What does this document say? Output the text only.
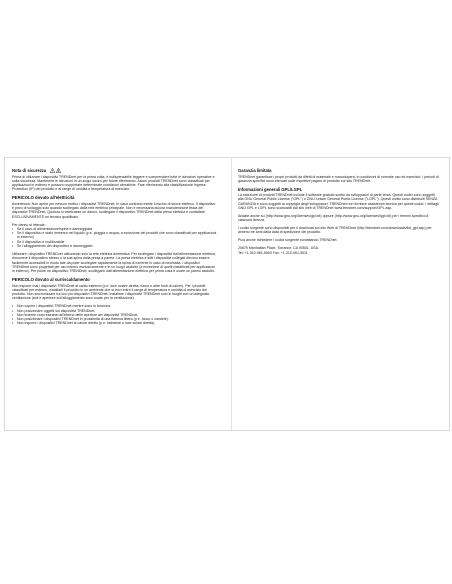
Nota di sicurezza
Prima di utilizzare i dispositivi TRENDnet per la prima volta, è indispensabile leggere e comprendere tutte le istruzioni operative e sulla sicurezza. Mantenere le istruzioni in un luogo sicuro per future riferimento. Alcuni prodotti TRENDnet sono classificati per applicazioni in esterno e possono supportare determinate condizioni climatiche. Fare riferimento alla classificazione Ingress Protection (IP) del prodotto e al range di umidità e temperatura di esercizio.
PERICOLO dovuto all'elettricità
Avvertenza: Non aprire per nessun motivo i dispositivi TRENDnet. In caso contrario esiste il rischio di shock elettrico. Il dispositivo è privo di voltaggio solo quando scollegato dalla rete elettrica principale. Non è necessaria alcuna manutenzione fisica dei dispositivi TRENDnet. Qualora si verificasse un danno, scollegare il dispositivo TRENDnet dalla presa elettrica e contattare ESCLUSIVAMENTE un tecnico qualificato.
Per danno si intende:
• Se il cavo di alimentazione/spina è danneggiata
• Se il dispositivo è stato immerso nel liquido (p.e. pioggia o acqua; a eccezione dei prodotti che sono classificati per applicazioni in esterno)
• Se il dispositivo è inutilizzabile
• Se l'alloggiamento del dispositivo è danneggiato
Utilizzare i dispositivi TRENDnet utilizzando solo la rete elettrica domestica. Per scollegare i dispositivi dall'alimentazione elettrica, rimuovere il dispositivo stesso o la sua spina dalla presa a parete. La presa elettrica e tutti i dispositivi collegati devono essere facilmente accessibili in modo tale da poter scollegare rapidamente la spina di corrente in caso di necessità. I dispositivi TRENDnet sono progettati per uso interno esclusivamente e in un luogo asciutto (a eccezione di quelli classificati per applicazioni in esterno). Per pulire un dispositivo TRENDnet, scollegarlo dall'alimentazione elettrica per prima cosa e usare un panno asciutto.
PERICOLO dovuto al surriscaldamento
Non esporre mai i dispositivi TRENDnet al caldo estremo (p.e. luce solare diretta, fuoco o altre fonti di calore). Per i prodotti classificati per esterno, installarli il prodotto in un ambiente che si trovi entro il range di temperatura e umidità di esercizio del prodotto. Non sincronizzare tra loro più dispositivi TRENDnet. Installare i dispositivi TRENDnet solo in luoghi con un'adeguata ventilazione (slot e aperture sull'alloggiamento sono usate per la ventilazione).
• Non coprire i dispositivi TRENDnet mentre sono in funzione.
• Non posizionare oggetti sui dispositivi TRENDnet.
• Non inserire corpi estranei all'interno delle aperture dei dispositivi TRENDnet.
• Non posizionare i dispositivi TRENDnet in prossimità di una fiamma libera (p.e. fuoco o candele).
• Non esporre i dispositivi TRENDnet al calore diretto (p.e. radiatore o luce solare diretta).
Garanzia limitata
TRENDnet garantisce i propri prodotti da difetti di materiale e manodopera, in condizioni di normale uso ed esercizio. I periodi di garanzia specifici sono elencati sulle rispettive pagine di prodotto sul sito TRENDnet.
Informazioni generali GPL/LGPL
La selezione di prodotti TRENDnet include il software gratuito scritto da sviluppatori di parte terza. Questi codici sono soggetti alla GNU General Public License ("GPL") o GNU Lesser General Public License ("LGPL"). Questi codici sono distribuiti SENZA GARANZIA e sono soggetti ai copyright degli sviluppatori. TRENDnet non fornisce assistenza tecnica per questi codici. I dettagli GNU GPL e LGPL sono scaricabili dal sito web di TRENDnet www.trendnet.com/support/GPL.asp.
Andate anche su (http://www.gnu.org/licenses/gpl.txt) oppure (http://www.gnu.org/licenses/lgpl.txt) per i termini specifici di ciascuna licenza.
I codici sorgente sono disponibili per il download sul sito Web di TRENDnet (http://trendnet.com/downloads/list_gpl.asp) per almeno tre anni dalla data di spedizione del prodotto.
Puoi anche richiedere i codici sorgente contattando TRENDnet.
20675 Manhattan Place, Torrance, CA 90501, USA.
Tel: +1-310-961-5500 Fax: +1-310-961-5511
